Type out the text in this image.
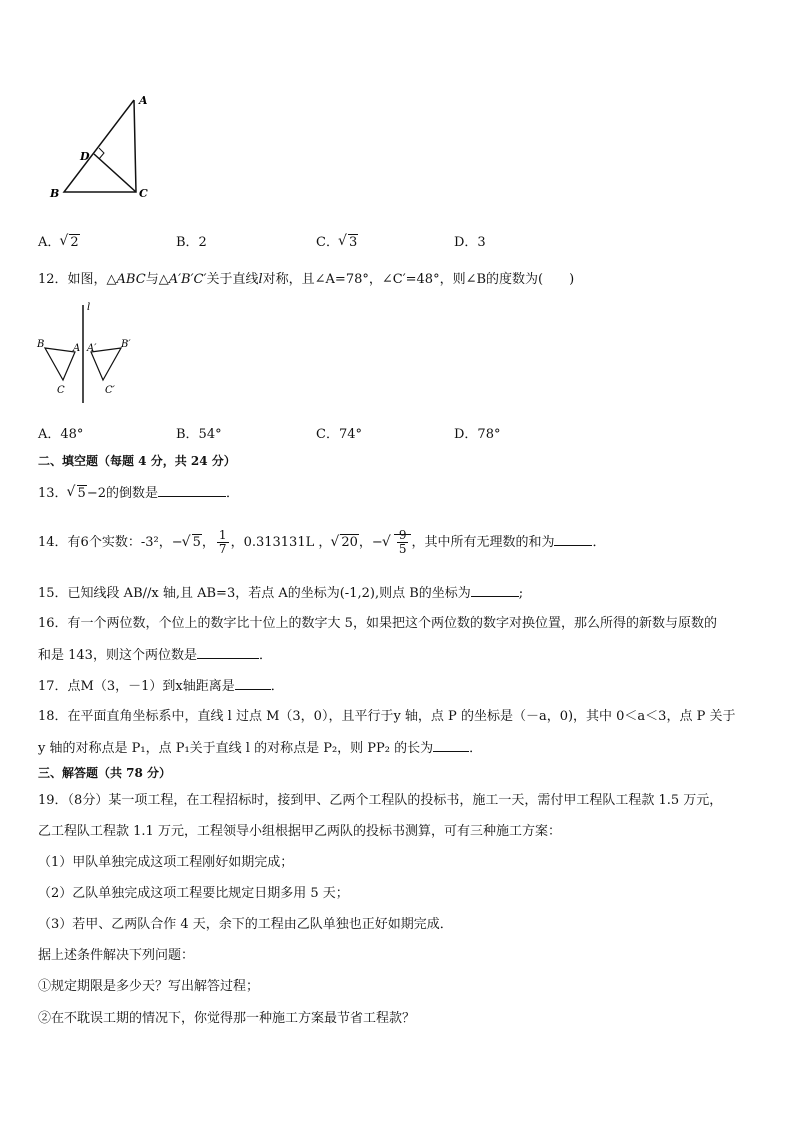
A
B	C
D
A． √ 2	B．2	C． √ 3	D．3
12．如图，△ABC与△A′B′C′关于直线l对称，且∠A=78°，∠C′=48°，则∠B的度数为(　　)
l
B	A
C
A′ B′
C′
A．48°	B．54°	C．74°	D．78°
二、填空题（每题 4 分，共 24 分）
13． √ 5−2的倒数是	．
14．有6个实数：-3²，− √ 5， $\frac{1}{7}$ ，0.313131L ， √ 20，− √ $\frac{9}{5}$ ，其中所有无理数的和为	．
15．已知线段 AB//x 轴,且 AB=3，若点 A的坐标为(-1,2),则点 B的坐标为	;
16．有一个两位数，个位上的数字比十位上的数字大 5，如果把这个两位数的数字对换位置，那么所得的新数与原数的
和是 143，则这个两位数是	．
17．点M（3，－1）到x轴距离是	．
18．在平面直角坐标系中，直线 l 过点 M（3，0），且平行于y 轴，点 P 的坐标是（－a，0)，其中 0＜a＜3，点 P 关于
y 轴的对称点是 P₁，点 P₁关于直线 l 的对称点是 P₂，则 PP₂ 的长为	．
三、解答题（共 78 分）
19．（8分）某一项工程，在工程招标时，接到甲、乙两个工程队的投标书，施工一天，需付甲工程队工程款 1.5 万元，
乙工程队工程款 1.1 万元，工程领导小组根据甲乙两队的投标书测算，可有三种施工方案：
（1）甲队单独完成这项工程刚好如期完成；
（2）乙队单独完成这项工程要比规定日期多用 5 天；
（3）若甲、乙两队合作 4 天，余下的工程由乙队单独也正好如期完成．
据上述条件解决下列问题：
①规定期限是多少天？写出解答过程；
②在不耽误工期的情况下，你觉得那一种施工方案最节省工程款？
